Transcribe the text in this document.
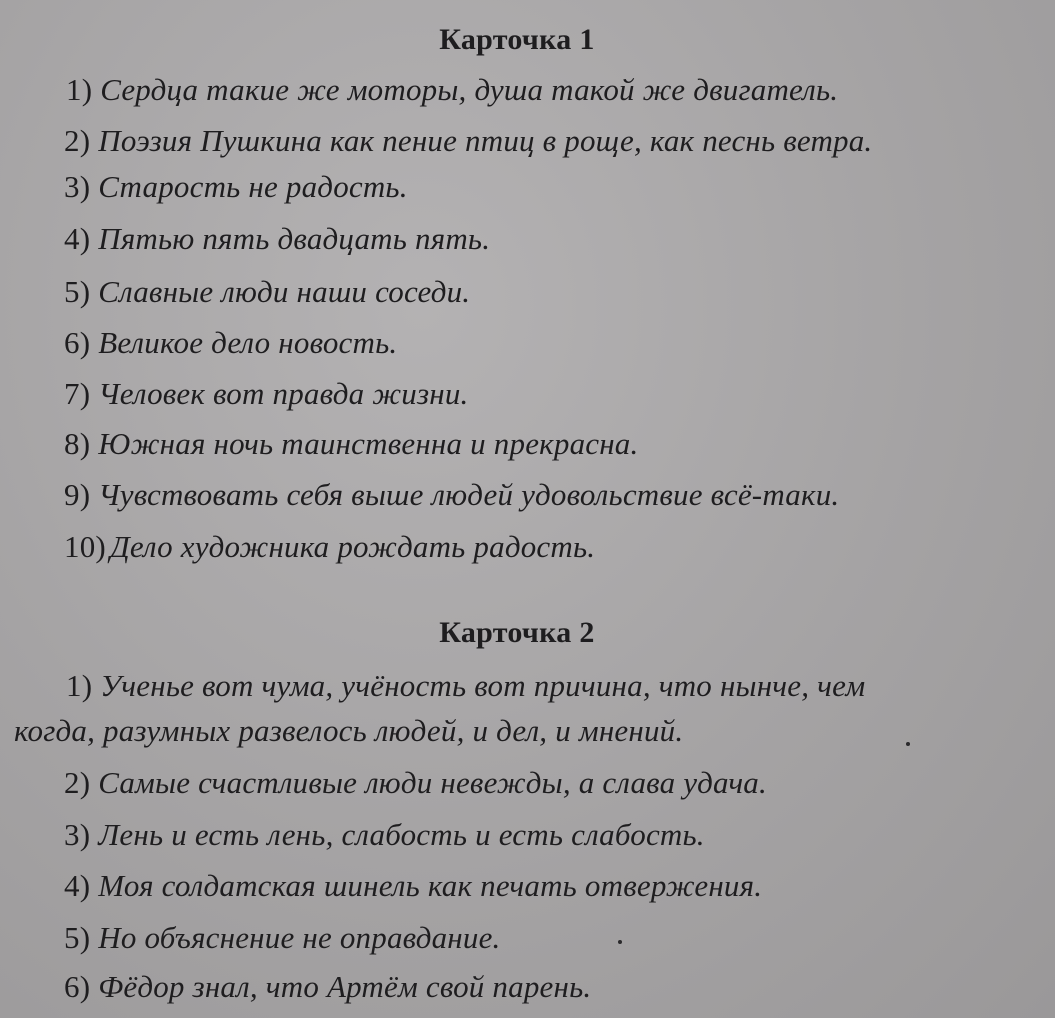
Карточка 1
1) Сердца такие же моторы, душа такой же двигатель.
2) Поэзия Пушкина как пение птиц в роще, как песнь ветра.
3) Старость не радость.
4) Пятью пять двадцать пять.
5) Славные люди наши соседи.
6) Великое дело новость.
7) Человек вот правда жизни.
8) Южная ночь таинственна и прекрасна.
9) Чувствовать себя выше людей удовольствие всё-таки.
10) Дело художника рождать радость.
Карточка 2
1) Ученье вот чума, учёность вот причина, что нынче, чем
когда, разумных развелось людей, и дел, и мнений.
2) Самые счастливые люди невежды, а слава удача.
3) Лень и есть лень, слабость и есть слабость.
4) Моя солдатская шинель как печать отвержения.
5) Но объяснение не оправдание.
6) Фёдор знал, что Артём свой парень.
